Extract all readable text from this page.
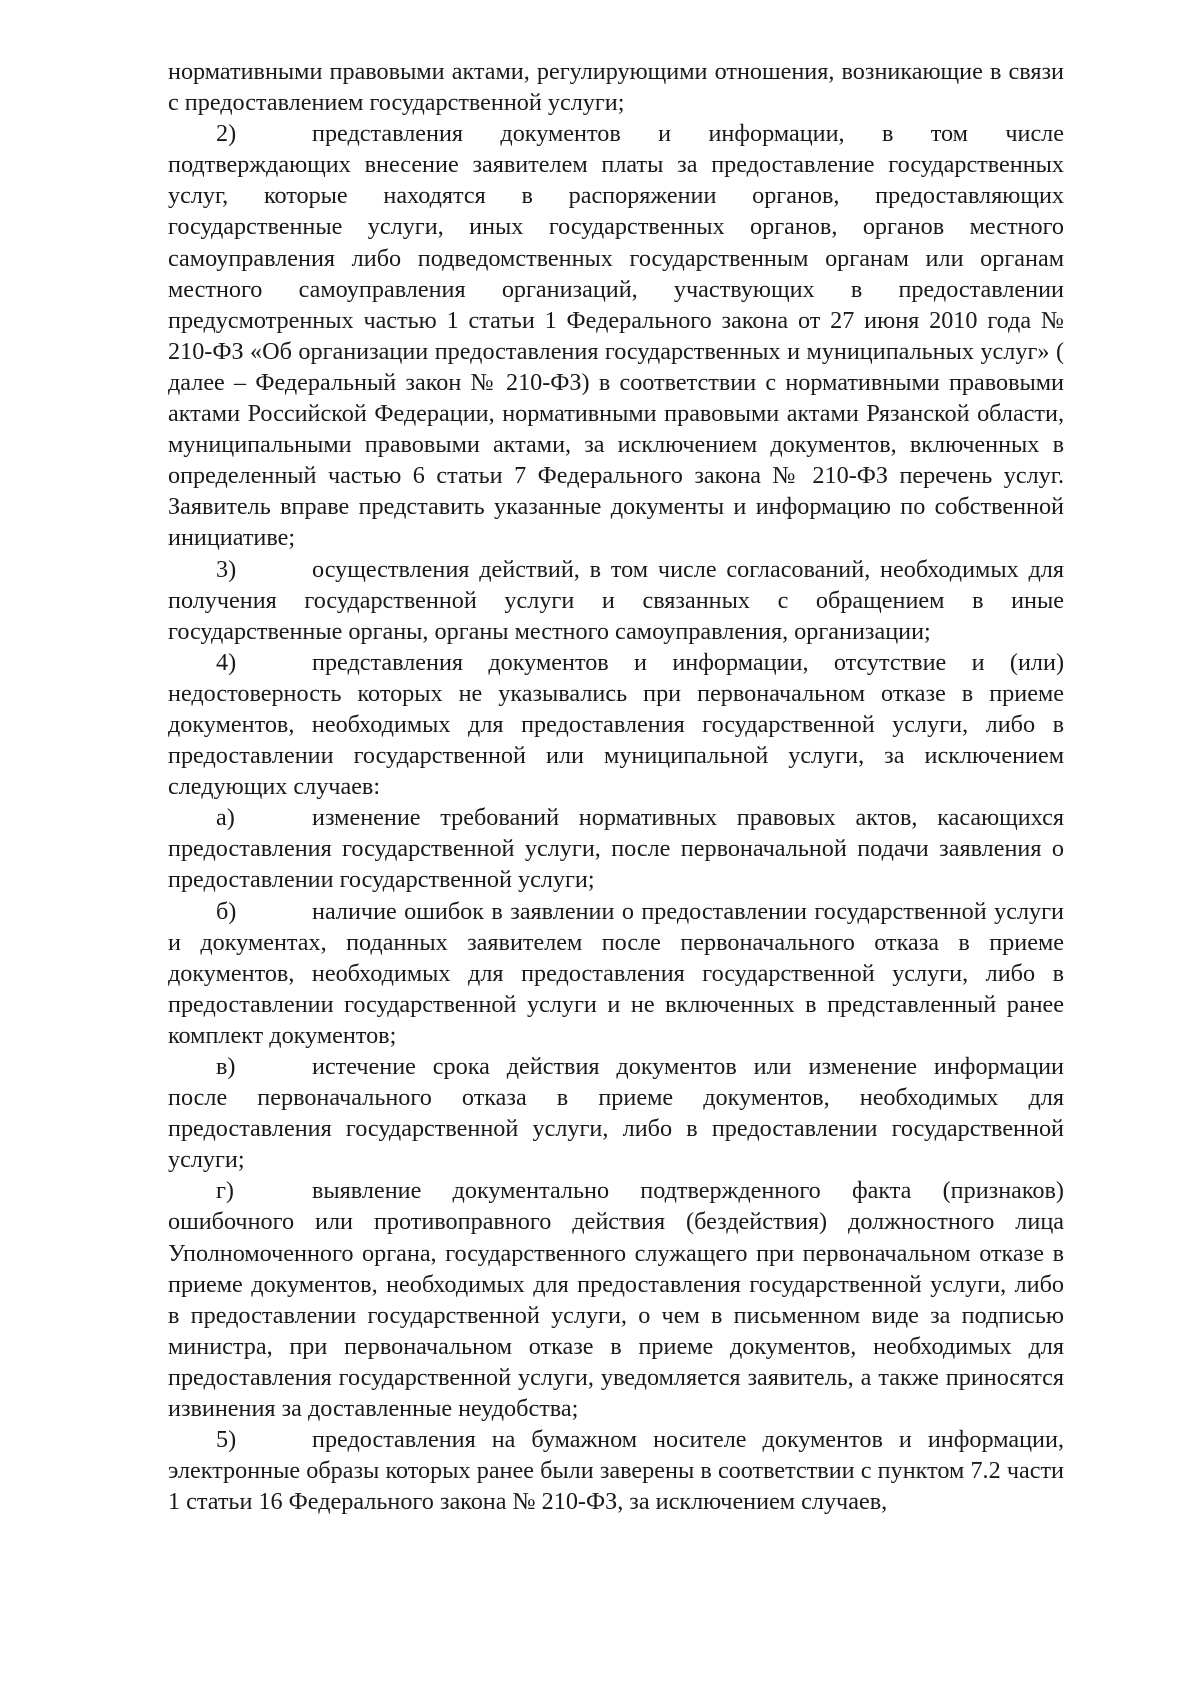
нормативными правовыми актами, регулирующими отношения, возникающие в связи с предоставлением государственной услуги;

2)	представления документов и информации, в том числе подтверждающих внесение заявителем платы за предоставление государственных услуг, которые находятся в распоряжении органов, предоставляющих государственные услуги, иных государственных органов, органов местного самоуправления либо подведомственных государственным органам или органам местного самоуправления организаций, участвующих в предоставлении предусмотренных частью 1 статьи 1 Федерального закона от 27 июня 2010 года № 210-ФЗ «Об организации предоставления государственных и муниципальных услуг» ( далее – Федеральный закон № 210-ФЗ) в соответствии с нормативными правовыми актами Российской Федерации, нормативными правовыми актами Рязанской области, муниципальными правовыми актами, за исключением документов, включенных в определенный частью 6 статьи 7 Федерального закона № 210-ФЗ перечень услуг. Заявитель вправе представить указанные документы и информацию по собственной инициативе;

3)	осуществления действий, в том числе согласований, необходимых для получения государственной услуги и связанных с обращением в иные государственные органы, органы местного самоуправления, организации;

4)	представления документов и информации, отсутствие и (или) недостоверность которых не указывались при первоначальном отказе в приеме документов, необходимых для предоставления государственной услуги, либо в предоставлении государственной или муниципальной услуги, за исключением следующих случаев:

а)	изменение требований нормативных правовых актов, касающихся предоставления государственной услуги, после первоначальной подачи заявления о предоставлении государственной услуги;

б)	наличие ошибок в заявлении о предоставлении государственной услуги и документах, поданных заявителем после первоначального отказа в приеме документов, необходимых для предоставления государственной услуги, либо в предоставлении государственной услуги и не включенных в представленный ранее комплект документов;

в)	истечение срока действия документов или изменение информации после первоначального отказа в приеме документов, необходимых для предоставления государственной услуги, либо в предоставлении государственной услуги;

г)	выявление документально подтвержденного факта (признаков) ошибочного или противоправного действия (бездействия) должностного лица Уполномоченного органа, государственного служащего при первоначальном отказе в приеме документов, необходимых для предоставления государственной услуги, либо в предоставлении государственной услуги, о чем в письменном виде за подписью министра, при первоначальном отказе в приеме документов, необходимых для предоставления государственной услуги, уведомляется заявитель, а также приносятся извинения за доставленные неудобства;

5)	предоставления на бумажном носителе документов и информации, электронные образы которых ранее были заверены в соответствии с пунктом 7.2 части 1 статьи 16 Федерального закона № 210-ФЗ, за исключением случаев,
